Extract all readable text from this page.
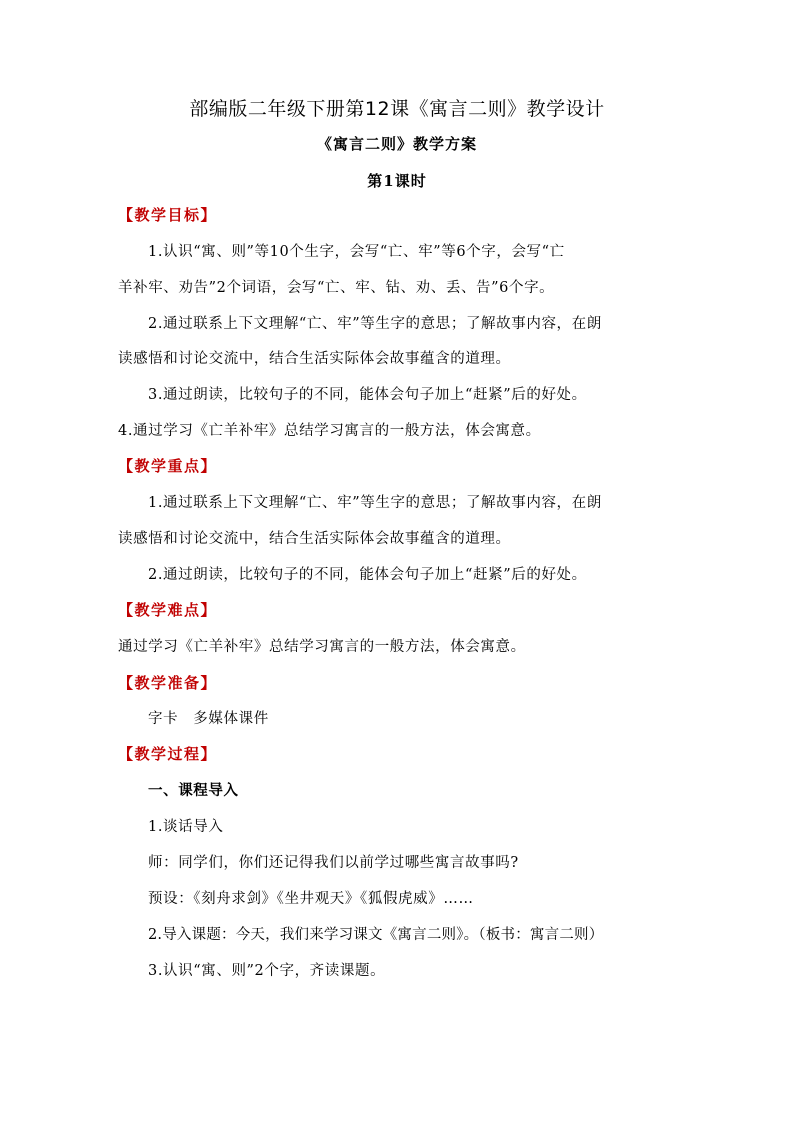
部编版二年级下册第12课《寓言二则》教学设计
《寓言二则》教学方案
第1课时
【教学目标】
1.认识“寓、则”等10个生字，会写“亡、牢”等6个字，会写“亡
羊补牢、劝告”2个词语，会写“亡、牢、钻、劝、丢、告”6个字。
2.通过联系上下文理解“亡、牢”等生字的意思；了解故事内容，在朗
读感悟和讨论交流中，结合生活实际体会故事蕴含的道理。
3.通过朗读，比较句子的不同，能体会句子加上“赶紧”后的好处。
4.通过学习《亡羊补牢》总结学习寓言的一般方法，体会寓意。
【教学重点】
1.通过联系上下文理解“亡、牢”等生字的意思；了解故事内容，在朗
读感悟和讨论交流中，结合生活实际体会故事蕴含的道理。
2.通过朗读，比较句子的不同，能体会句子加上“赶紧”后的好处。
【教学难点】
通过学习《亡羊补牢》总结学习寓言的一般方法，体会寓意。
【教学准备】
字卡　多媒体课件
【教学过程】
一、课程导入
1.谈话导入
师：同学们，你们还记得我们以前学过哪些寓言故事吗?
预设：《刻舟求剑》《坐井观天》《狐假虎威》……
2.导入课题：今天，我们来学习课文《寓言二则》。（板书：寓言二则）
3.认识“寓、则”2个字，齐读课题。
